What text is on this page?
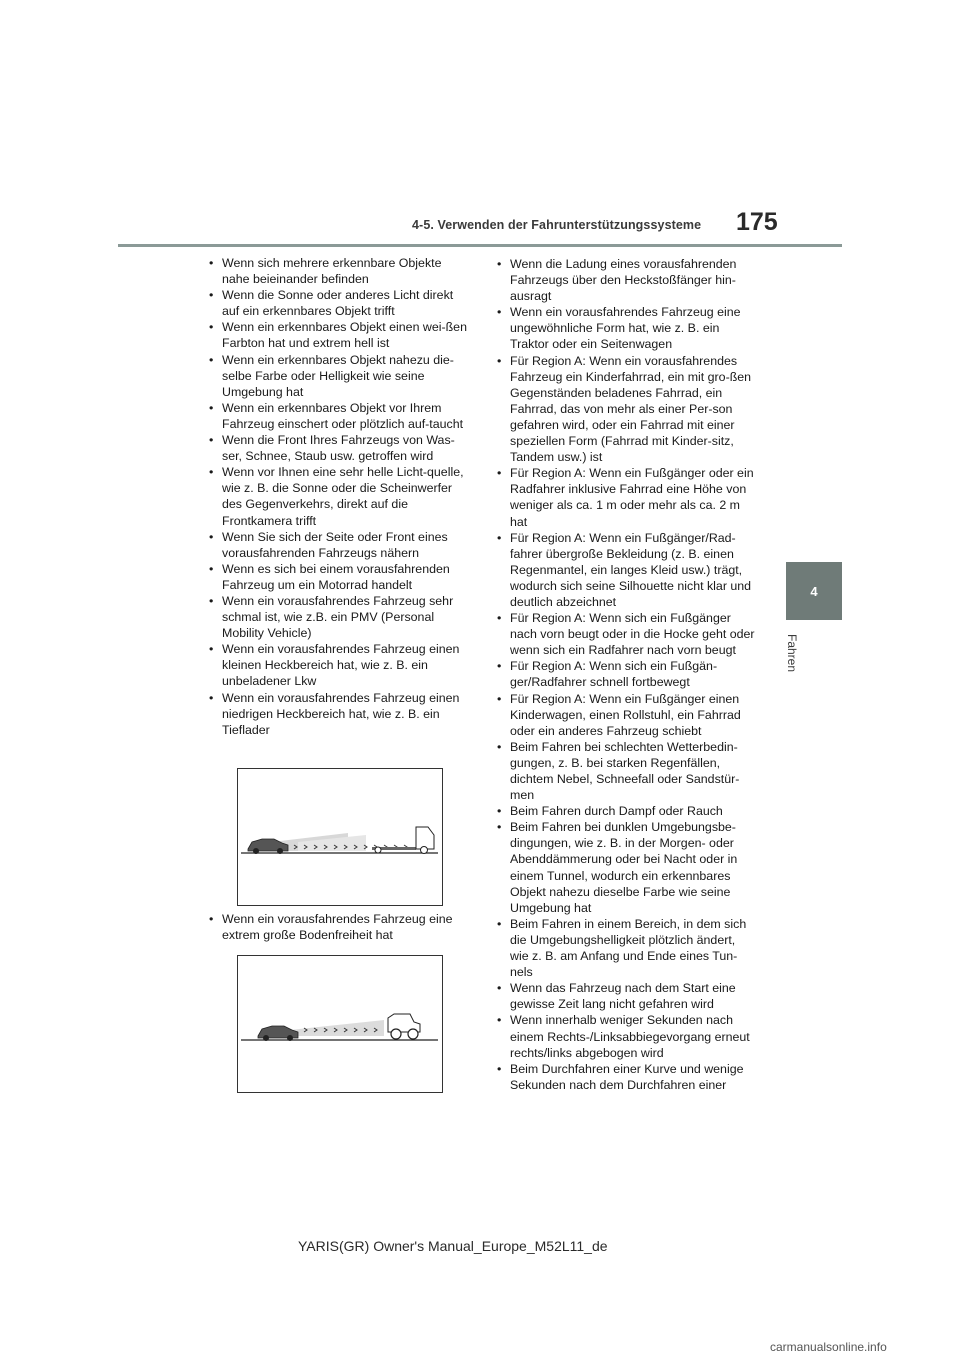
4-5. Verwenden der Fahrunterstützungssysteme 175
4
Fahren
• Wenn sich mehrere erkennbare Objekte nahe beieinander befinden
• Wenn die Sonne oder anderes Licht direkt auf ein erkennbares Objekt trifft
• Wenn ein erkennbares Objekt einen wei-ßen Farbton hat und extrem hell ist
• Wenn ein erkennbares Objekt nahezu die-selbe Farbe oder Helligkeit wie seine Umgebung hat
• Wenn ein erkennbares Objekt vor Ihrem Fahrzeug einschert oder plötzlich auf-taucht
• Wenn die Front Ihres Fahrzeugs von Was-ser, Schnee, Staub usw. getroffen wird
• Wenn vor Ihnen eine sehr helle Licht-quelle, wie z. B. die Sonne oder die Scheinwerfer des Gegenverkehrs, direkt auf die Frontkamera trifft
• Wenn Sie sich der Seite oder Front eines vorausfahrenden Fahrzeugs nähern
• Wenn es sich bei einem vorausfahrenden Fahrzeug um ein Motorrad handelt
• Wenn ein vorausfahrendes Fahrzeug sehr schmal ist, wie z.B. ein PMV (Personal Mobility Vehicle)
• Wenn ein vorausfahrendes Fahrzeug einen kleinen Heckbereich hat, wie z. B. ein unbeladener Lkw
• Wenn ein vorausfahrendes Fahrzeug einen niedrigen Heckbereich hat, wie z. B. ein Tieflader
• Wenn ein vorausfahrendes Fahrzeug eine extrem große Bodenfreiheit hat
• Wenn die Ladung eines vorausfahrenden Fahrzeugs über den Heckstoßfänger hin-ausragt
• Wenn ein vorausfahrendes Fahrzeug eine ungewöhnliche Form hat, wie z. B. ein Traktor oder ein Seitenwagen
• Für Region A: Wenn ein vorausfahrendes Fahrzeug ein Kinderfahrrad, ein mit gro-ßen Gegenständen beladenes Fahrrad, ein Fahrrad, das von mehr als einer Per-son gefahren wird, oder ein Fahrrad mit einer speziellen Form (Fahrrad mit Kinder-sitz, Tandem usw.) ist
• Für Region A: Wenn ein Fußgänger oder ein Radfahrer inklusive Fahrrad eine Höhe von weniger als ca. 1 m oder mehr als ca. 2 m hat
• Für Region A: Wenn ein Fußgänger/Rad-fahrer übergroße Bekleidung (z. B. einen Regenmantel, ein langes Kleid usw.) trägt, wodurch sich seine Silhouette nicht klar und deutlich abzeichnet
• Für Region A: Wenn sich ein Fußgänger nach vorn beugt oder in die Hocke geht oder wenn sich ein Radfahrer nach vorn beugt
• Für Region A: Wenn sich ein Fußgän-ger/Radfahrer schnell fortbewegt
• Für Region A: Wenn ein Fußgänger einen Kinderwagen, einen Rollstuhl, ein Fahrrad oder ein anderes Fahrzeug schiebt
• Beim Fahren bei schlechten Wetterbedin-gungen, z. B. bei starken Regenfällen, dichtem Nebel, Schneefall oder Sandstür-men
• Beim Fahren durch Dampf oder Rauch
• Beim Fahren bei dunklen Umgebungsbe-dingungen, wie z. B. in der Morgen- oder Abenddämmerung oder bei Nacht oder in einem Tunnel, wodurch ein erkennbares Objekt nahezu dieselbe Farbe wie seine Umgebung hat
• Beim Fahren in einem Bereich, in dem sich die Umgebungshelligkeit plötzlich ändert, wie z. B. am Anfang und Ende eines Tun-nels
• Wenn das Fahrzeug nach dem Start eine gewisse Zeit lang nicht gefahren wird
• Wenn innerhalb weniger Sekunden nach einem Rechts-/Linksabbiegevorgang erneut rechts/links abgebogen wird
• Beim Durchfahren einer Kurve und wenige Sekunden nach dem Durchfahren einer
YARIS(GR) Owner's Manual_Europe_M52L11_de
carmanualsonline.info
